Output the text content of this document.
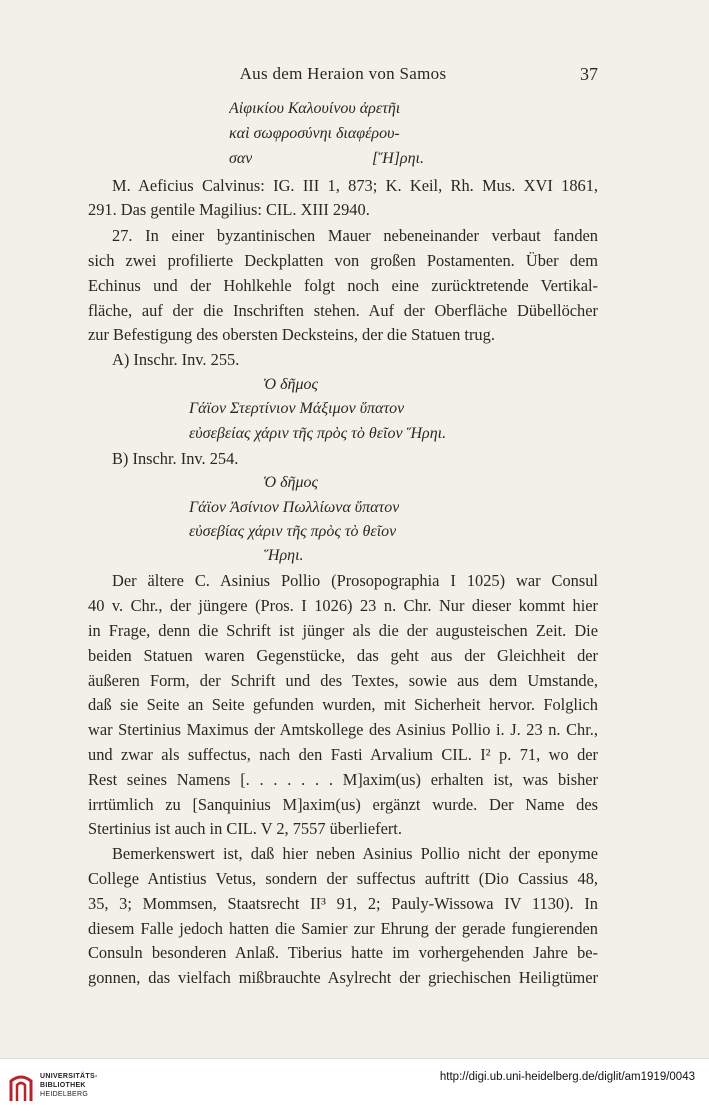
Aus dem Heraion von Samos	37
Αἰφικίου Καλουίνου ἀρετῆι
καὶ σωφροσύνηι διαφέρου-
σαν	[Ἥ]ρηι.
M. Aeficius Calvinus: IG. III 1, 873; K. Keil, Rh. Mus. XVI 1861,
291. Das gentile Magilius: CIL. XIII 2940.
27. In einer byzantinischen Mauer nebeneinander verbaut fanden
sich zwei profilierte Deckplatten von großen Postamenten. Über dem
Echinus und der Hohlkehle folgt noch eine zurücktretende Vertikal-
fläche, auf der die Inschriften stehen. Auf der Oberfläche Dübellöcher
zur Befestigung des obersten Decksteins, der die Statuen trug.
A) Inschr. Inv. 255.
Ὁ δῆμος
Γάϊον Στερτίνιον Μάξιμον ὕπατον
εὐσεβείας χάριν τῆς πρὸς τὸ θεῖον Ἥρηι.
B) Inschr. Inv. 254.
Ὁ δῆμος
Γάϊον Ἀσίνιον Πωλλίωνα ὕπατον
εὐσεβίας χάριν τῆς πρὸς τὸ θεῖον
Ἥρηι.
Der ältere C. Asinius Pollio (Prosopographia I 1025) war Consul
40 v. Chr., der jüngere (Pros. I 1026) 23 n. Chr. Nur dieser kommt hier
in Frage, denn die Schrift ist jünger als die der augusteischen Zeit. Die
beiden Statuen waren Gegenstücke, das geht aus der Gleichheit der
äußeren Form, der Schrift und des Textes, sowie aus dem Umstande,
daß sie Seite an Seite gefunden wurden, mit Sicherheit hervor. Folglich
war Stertinius Maximus der Amtskollege des Asinius Pollio i. J. 23 n. Chr.,
und zwar als suffectus, nach den Fasti Arvalium CIL. I² p. 71, wo der
Rest seines Namens [. . . . . . . M]axim(us) erhalten ist, was bisher
irrtümlich zu [Sanquinius M]axim(us) ergänzt wurde. Der Name des
Stertinius ist auch in CIL. V 2, 7557 überliefert.
Bemerkenswert ist, daß hier neben Asinius Pollio nicht der eponyme
College Antistius Vetus, sondern der suffectus auftritt (Dio Cassius 48,
35, 3; Mommsen, Staatsrecht II³ 91, 2; Pauly-Wissowa IV 1130). In
diesem Falle jedoch hatten die Samier zur Ehrung der gerade fungierenden
Consuln besonderen Anlaß. Tiberius hatte im vorhergehenden Jahre be-
gonnen, das vielfach mißbrauchte Asylrecht der griechischen Heiligtümer
UNIVERSITÄTS-
BIBLIOTHEK
HEIDELBERG
http://digi.ub.uni-heidelberg.de/diglit/am1919/0043
